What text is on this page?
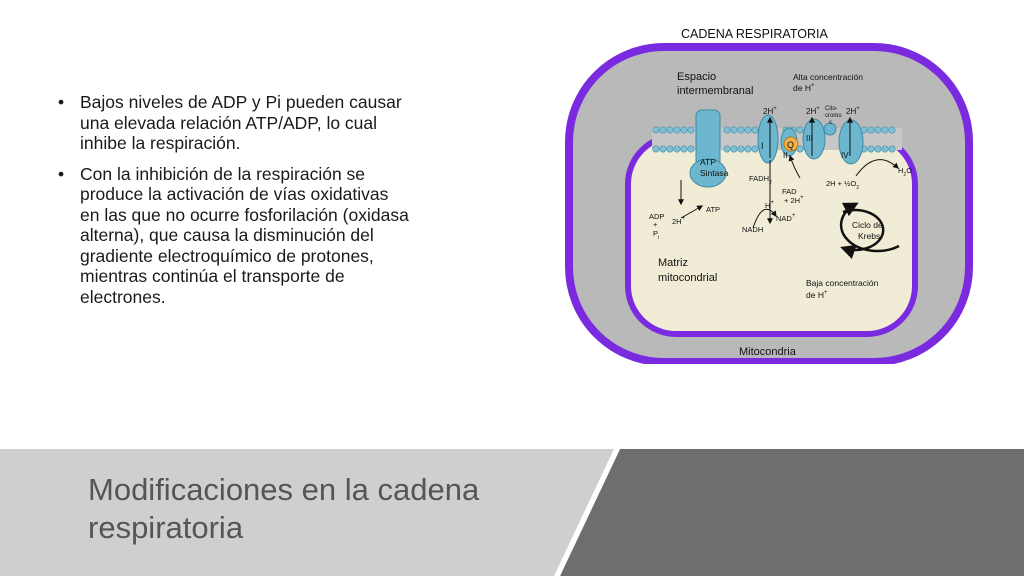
• Bajos niveles de ADP y Pi pueden causar una elevada relación ATP/ADP, lo cual inhibe la respiración.
• Con la inhibición de la respiración se produce la activación de vías oxidativas en las que no ocurre fosforilación (oxidasa alterna), que causa la disminución del gradiente electroquímico de protones, mientras continúa el transporte de electrones.
CADENA RESPIRATORIA
ATP
Sintasa
I
II
Q
III
IV
Espacio
intermembranal
Alta concentración
de H+
2H+	2H+	2H+
Cito-
cromo
c
ADP
+
$P_i$
2H+
ATP
$FADH_2$
FAD
+ 2H+
H+
NAD+
NADH
$H_2O$
$2H + \frac{1}{2}O_2$
Ciclo de
Krebs
Matriz
mitocondrial	Baja concentración
de H+
Mitocondria
Modificaciones en la cadena respiratoria
